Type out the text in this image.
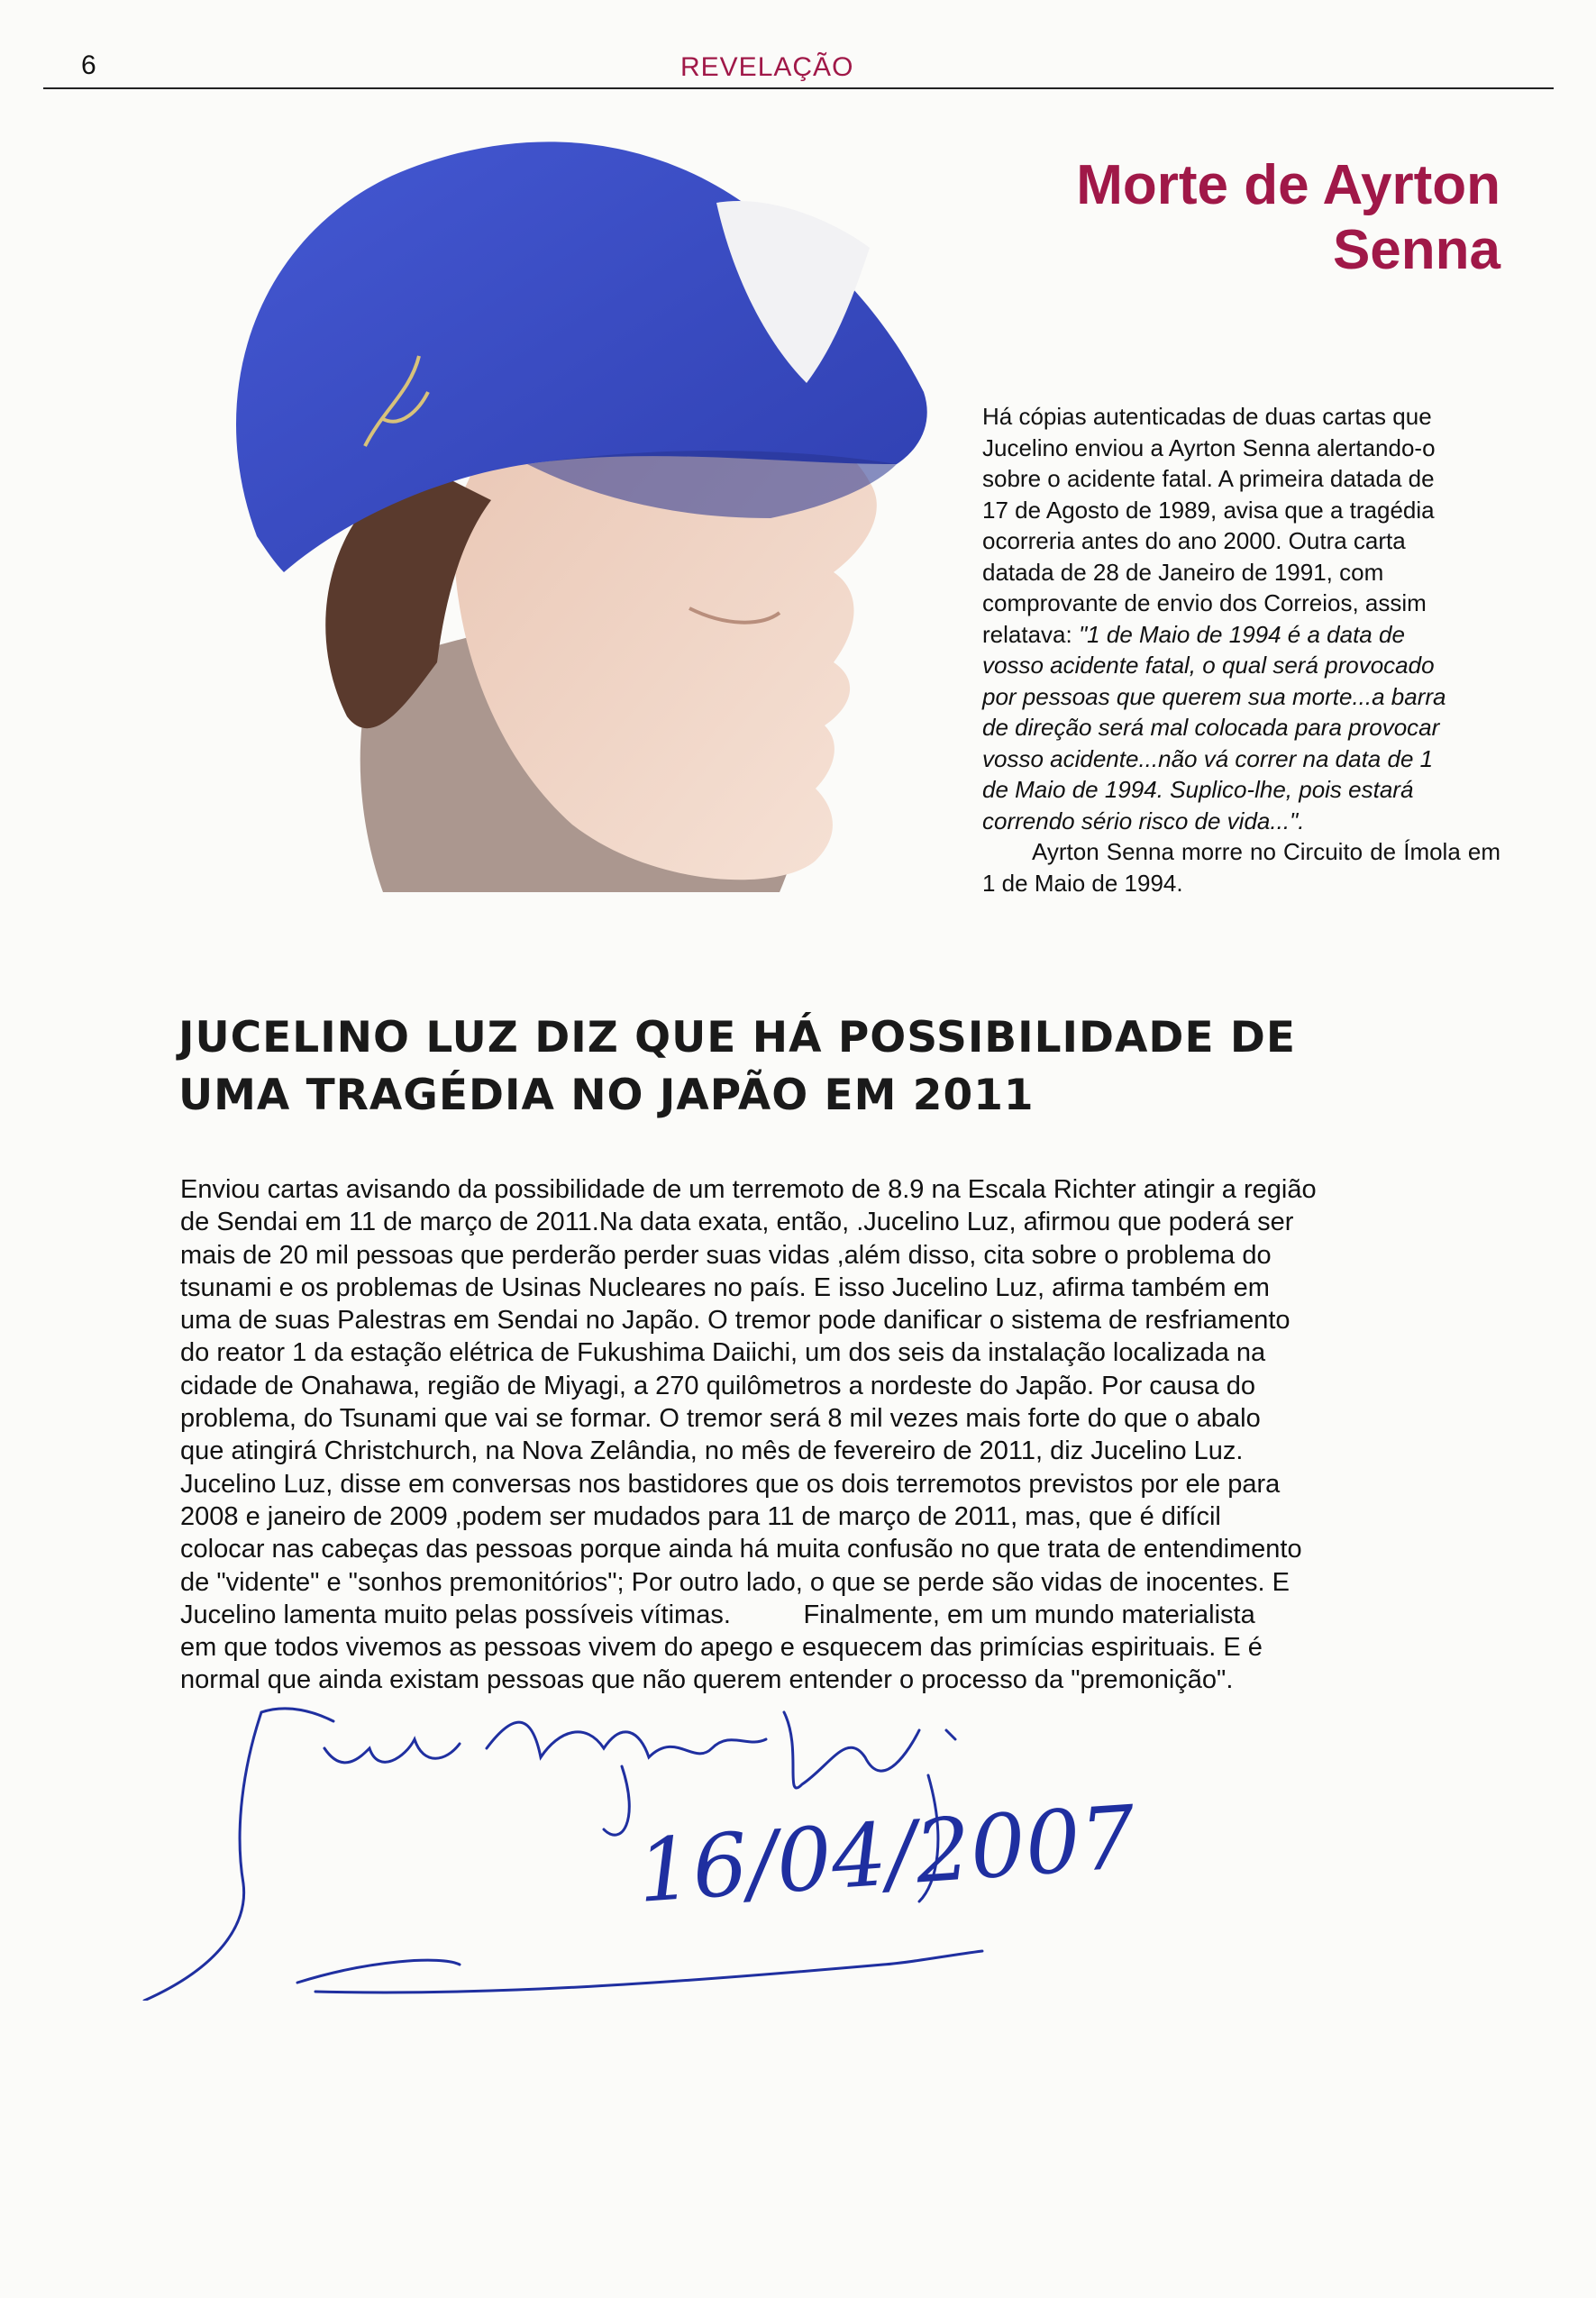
6	REVELAÇÃO
Morte de Ayrton Senna

Há cópias autenticadas de duas cartas que
Jucelino enviou a Ayrton Senna alertando-o
sobre o acidente fatal. A primeira datada de
17 de Agosto de 1989, avisa que a tragédia
ocorreria antes do ano 2000. Outra carta
datada de 28 de Janeiro de 1991, com
comprovante de envio dos Correios, assim
relatava: "1 de Maio de 1994 é a data de
vosso acidente fatal, o qual será provocado
por pessoas que querem sua morte...a barra
de direção será mal colocada para provocar
vosso acidente...não vá correr na data de 1
de Maio de 1994. Suplico-lhe, pois estará
correndo sério risco de vida...".

Ayrton Senna morre no Circuito de Ímola em 1 de Maio de 1994.

JUCELINO LUZ DIZ QUE HÁ POSSIBILIDADE DE
UMA TRAGÉDIA NO JAPÃO EM 2011

Enviou cartas avisando da possibilidade de um terremoto de 8.9 na Escala Richter atingir a região
de Sendai em 11 de março de 2011.Na data exata, então, .Jucelino Luz, afirmou que poderá ser
mais de 20 mil pessoas que perderão perder suas vidas ,além disso, cita sobre o problema do
tsunami e os problemas de Usinas Nucleares no país. E isso Jucelino Luz, afirma também em
uma de suas Palestras em Sendai no Japão. O tremor pode danificar o sistema de resfriamento
do reator 1 da estação elétrica de Fukushima Daiichi, um dos seis da instalação localizada na
cidade de Onahawa, região de Miyagi, a 270 quilômetros a nordeste do Japão. Por causa do
problema, do Tsunami que vai se formar. O tremor será 8 mil vezes mais forte do que o abalo
que atingirá Christchurch, na Nova Zelândia, no mês de fevereiro de 2011, diz Jucelino Luz.
Jucelino Luz, disse em conversas nos bastidores que os dois terremotos previstos por ele para
2008 e janeiro de 2009 ,podem ser mudados para 11 de março de 2011, mas, que é difícil
colocar nas cabeças das pessoas porque ainda há muita confusão no que trata de entendimento
de "vidente" e "sonhos premonitórios"; Por outro lado, o que se perde são vidas de inocentes. E
Jucelino lamenta muito pelas possíveis vítimas.          Finalmente, em um mundo materialista
em que todos vivemos as pessoas vivem do apego e esquecem das primícias espirituais. E é
normal que ainda existam pessoas que não querem entender o processo da "premonição".

16/04/2007
